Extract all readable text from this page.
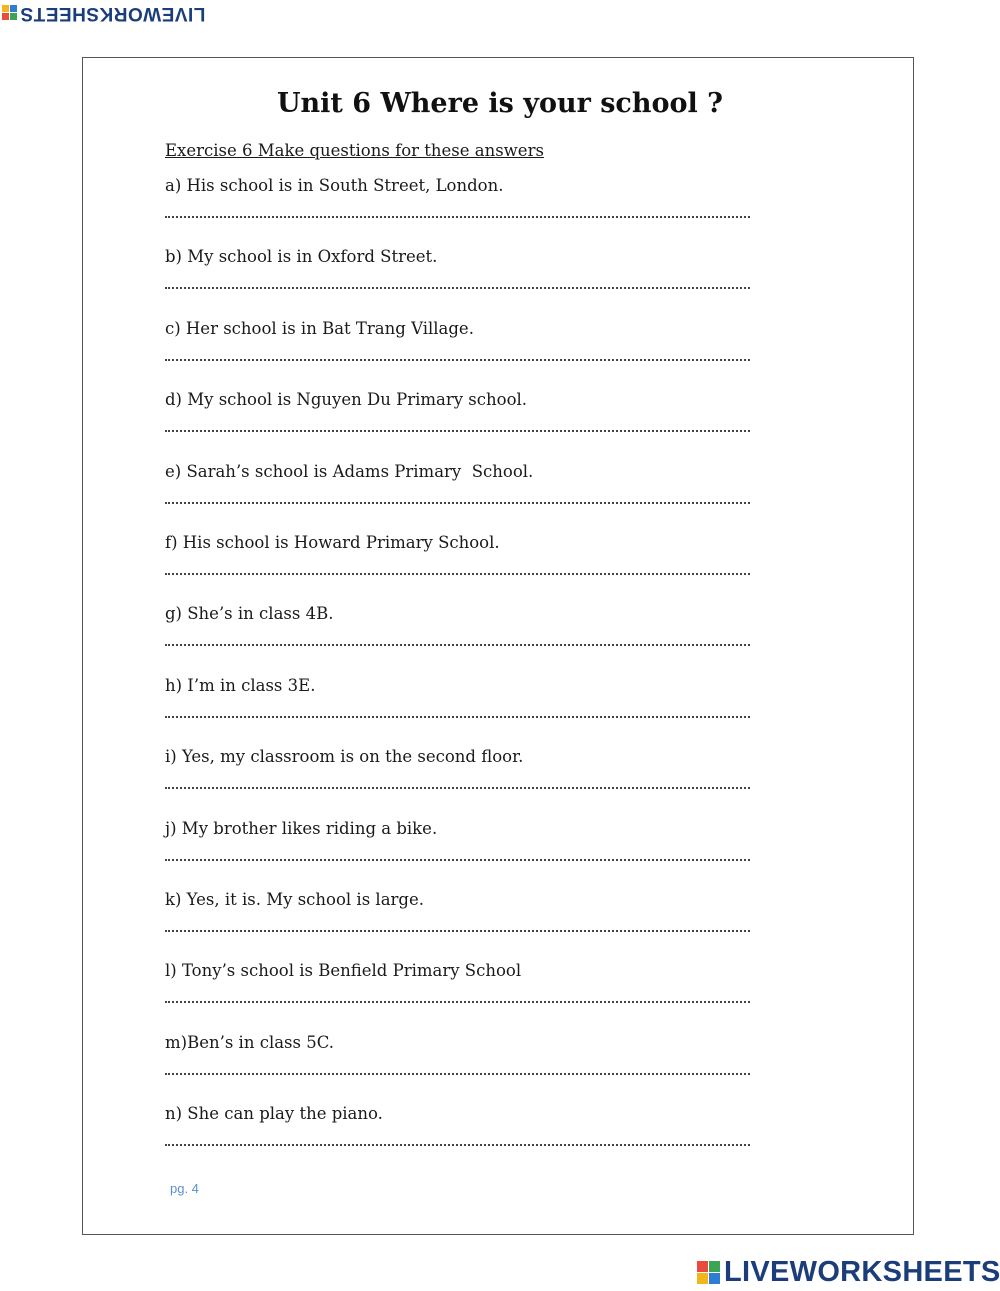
LIVEWORKSHEETS
Unit 6 Where is your school ?
Exercise 6 Make questions for these answers
a) His school is in South Street, London.
b) My school is in Oxford Street.
c) Her school is in Bat Trang Village.
d) My school is Nguyen Du Primary school.
e) Sarah’s school is Adams Primary  School.
f) His school is Howard Primary School.
g) She’s in class 4B.
h) I’m in class 3E.
i) Yes, my classroom is on the second floor.
j) My brother likes riding a bike.
k) Yes, it is. My school is large.
l) Tony’s school is Benfield Primary School
m)Ben’s in class 5C.
n) She can play the piano.
pg. 4
LIVEWORKSHEETS
